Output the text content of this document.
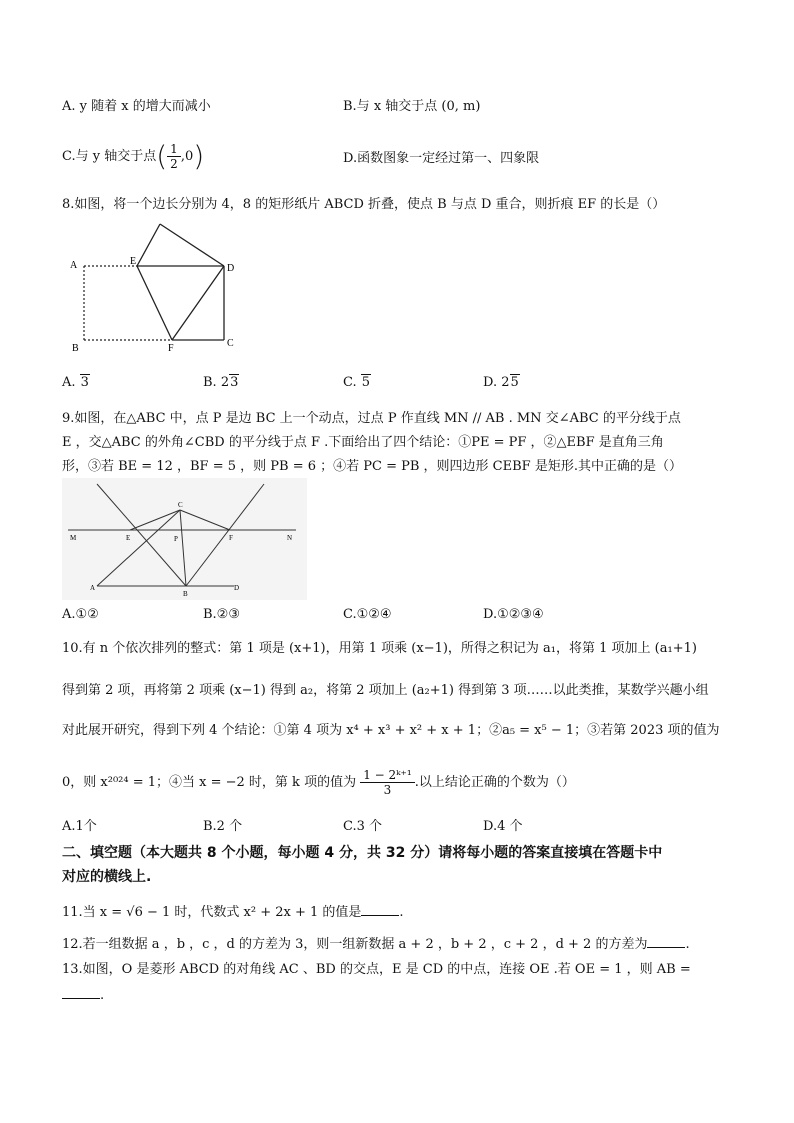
A. y 随着 x 的增大而减小	B.与 x 轴交于点 (0, m)
C.与 y 轴交于点( $\frac{1}{2} ,0$)	D.函数图象一定经过第一、四象限
8.如图，将一个边长分别为 4，8 的矩形纸片 ABCD 折叠，使点 B 与点 D 重合，则折痕 EF 的长是（）
A	E
D
B	F	C
A. 3	B. 23	C. 5	D. 25
9.如图，在△ABC 中，点 P 是边 BC 上一个动点，过点 P 作直线 MN // AB . MN 交∠ABC 的平分线于点
E ，交△ABC 的外角∠CBD 的平分线于点 F .下面给出了四个结论：①PE = PF ，②△EBF 是直角三角
形，③若 BE = 12 ，BF = 5 ，则 PB = 6 ；④若 PC = PB ，则四边形 CEBF 是矩形.其中正确的是（）
M	E
C
P	F	N
A
B
D
A.①②	B.②③	C.①②④	D.①②③④
10.有 n 个依次排列的整式：第 1 项是 (x+1)，用第 1 项乘 (x−1)，所得之积记为 a₁，将第 1 项加上 (a₁+1)
得到第 2 项，再将第 2 项乘 (x−1) 得到 a₂，将第 2 项加上 (a₂+1) 得到第 3 项……以此类推，某数学兴趣小组
对此展开研究，得到下列 4 个结论：①第 4 项为 x⁴ + x³ + x² + x + 1；②a₅ = x⁵ − 1；③若第 2023 项的值为
0，则 x²⁰²⁴ = 1；④当 x = −2 时，第 k 项的值为 $\frac{\text{1 − 2ᵏ⁺¹}}{3}$ .以上结论正确的个数为（）
A.1个	B.2 个	C.3 个	D.4 个
二、填空题（本大题共 8 个小题，每小题 4 分，共 32 分）请将每小题的答案直接填在答题卡中
对应的横线上.
11.当 x = √6 − 1 时，代数式 x² + 2x + 1 的值是	.
12.若一组数据 a ，b ，c ，d 的方差为 3，则一组新数据 a + 2 ，b + 2 ，c + 2 ，d + 2 的方差为	.
13.如图，O 是菱形 ABCD 的对角线 AC 、BD 的交点，E 是 CD 的中点，连接 OE .若 OE = 1 ，则 AB =
.
